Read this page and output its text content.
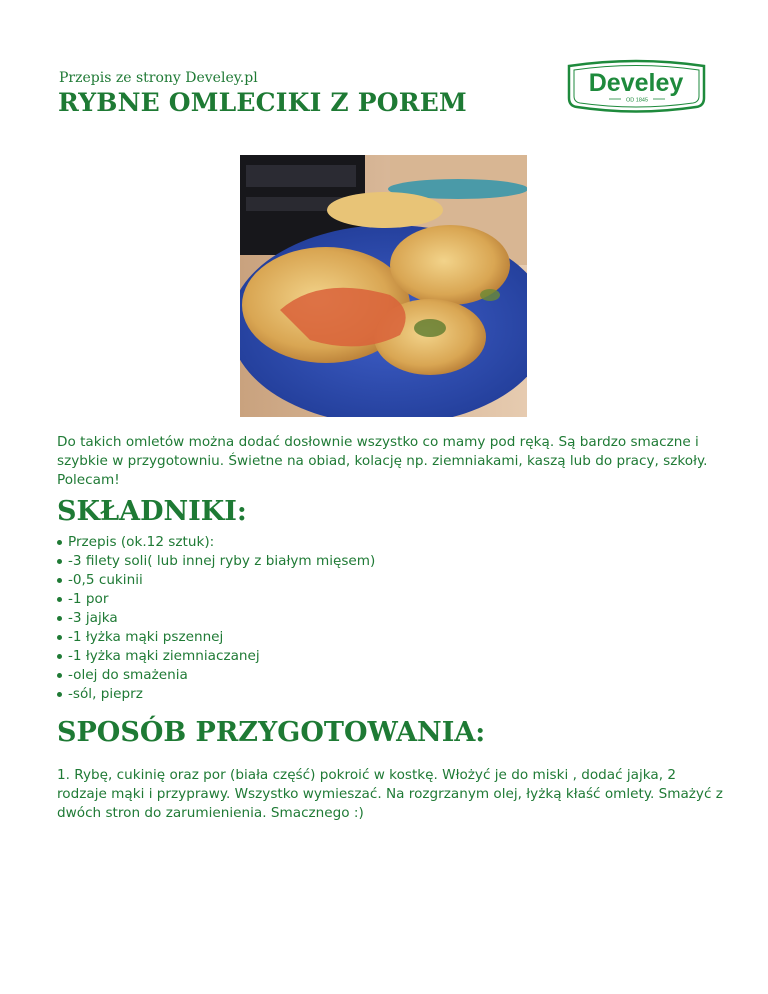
Przepis ze strony Develey.pl
RYBNE OMLECIKI Z POREM
Develey
OD 1845

Do takich omletów można dodać dosłownie wszystko co mamy pod ręką. Są bardzo smaczne i szybkie w przygotowniu. Świetne na obiad, kolację np. ziemniakami, kaszą lub do pracy, szkoły. Polecam!

SKŁADNIKI:
Przepis (ok.12 sztuk):
-3 filety soli( lub innej ryby z białym mięsem)
-0,5 cukinii
-1 por
-3 jajka
-1 łyżka mąki pszennej
-1 łyżka mąki ziemniaczanej
-olej do smażenia
-sól, pieprz
SPOSÓB PRZYGOTOWANIA:

1. Rybę, cukinię oraz por (biała część) pokroić w kostkę. Włożyć je do miski , dodać jajka, 2 rodzaje mąki i przyprawy. Wszystko wymieszać. Na rozgrzanym olej, łyżką kłaść omlety. Smażyć z dwóch stron do zarumienienia. Smacznego :)
